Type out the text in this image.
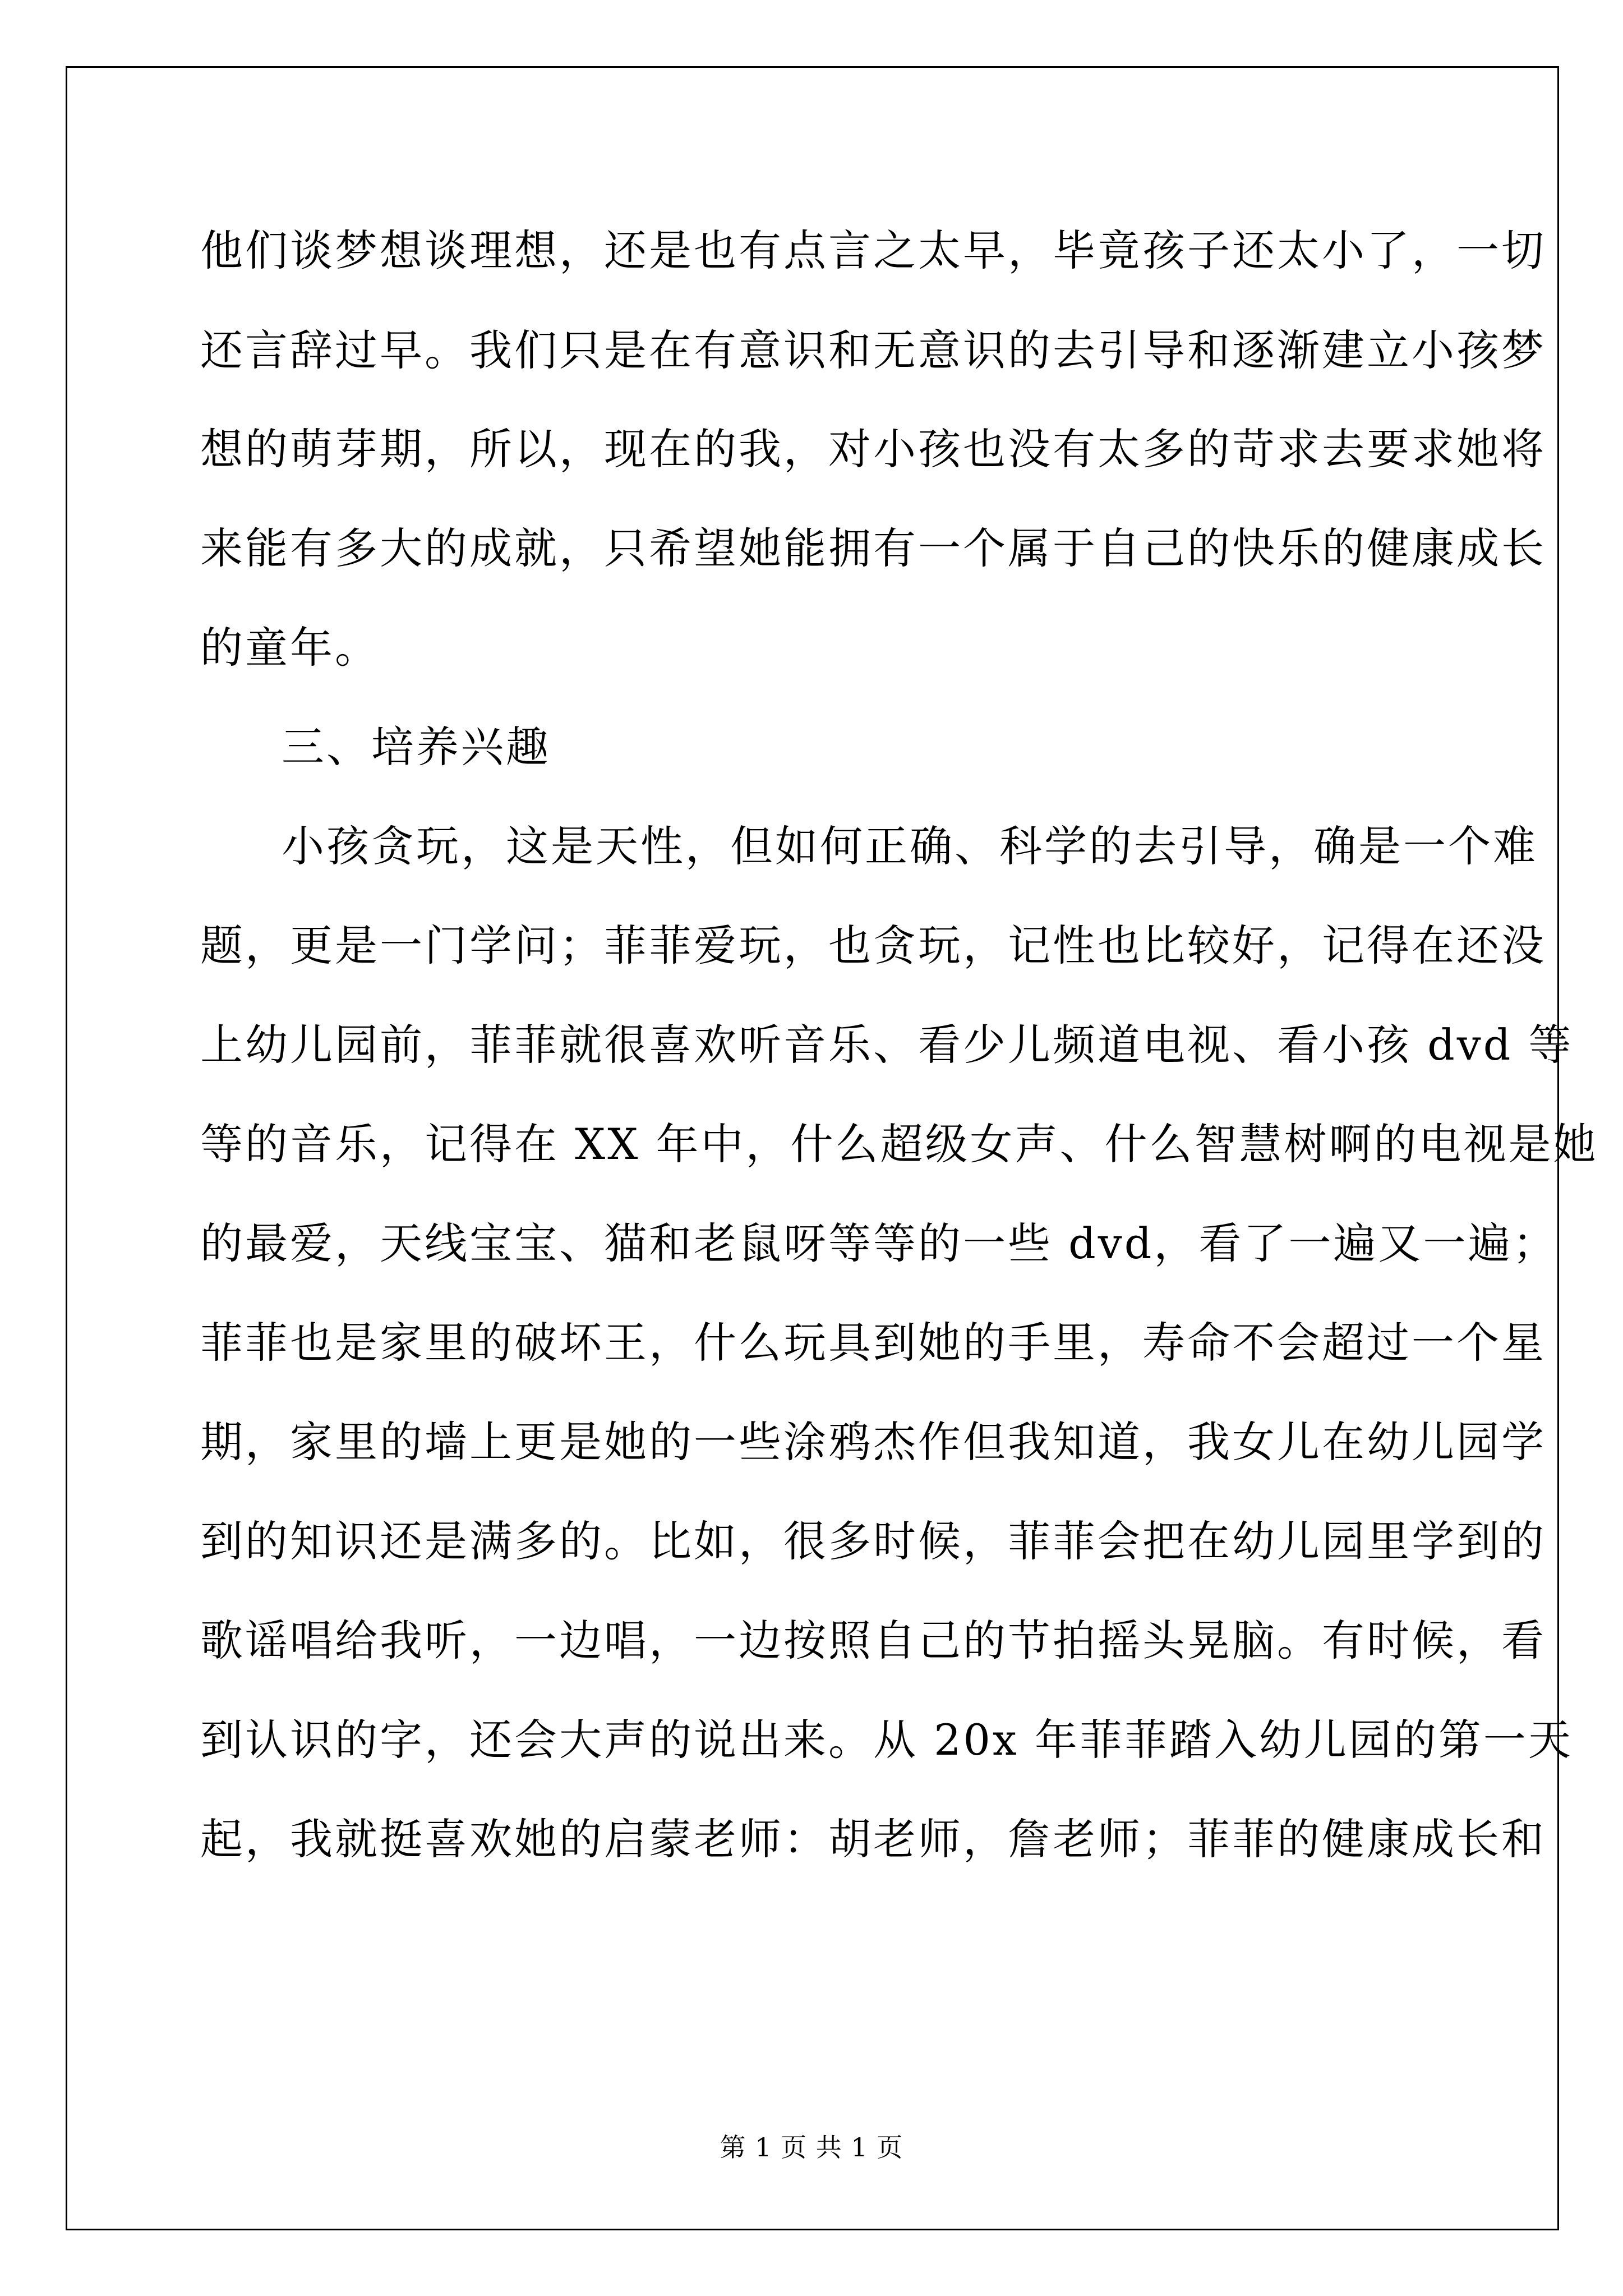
他们谈梦想谈理想，还是也有点言之太早，毕竟孩子还太小了，一切
还言辞过早。我们只是在有意识和无意识的去引导和逐渐建立小孩梦
想的萌芽期，所以，现在的我，对小孩也没有太多的苛求去要求她将
来能有多大的成就，只希望她能拥有一个属于自己的快乐的健康成长
的童年。
三、培养兴趣
小孩贪玩，这是天性，但如何正确、科学的去引导，确是一个难
题，更是一门学问；菲菲爱玩，也贪玩，记性也比较好，记得在还没
上幼儿园前，菲菲就很喜欢听音乐、看少儿频道电视、看小孩 dvd 等
等的音乐，记得在 XX 年中，什么超级女声、什么智慧树啊的电视是她
的最爱，天线宝宝、猫和老鼠呀等等的一些 dvd，看了一遍又一遍；
菲菲也是家里的破坏王，什么玩具到她的手里，寿命不会超过一个星
期，家里的墙上更是她的一些涂鸦杰作但我知道，我女儿在幼儿园学
到的知识还是满多的。比如，很多时候，菲菲会把在幼儿园里学到的
歌谣唱给我听，一边唱，一边按照自己的节拍摇头晃脑。有时候，看
到认识的字，还会大声的说出来。从 20x 年菲菲踏入幼儿园的第一天
起，我就挺喜欢她的启蒙老师：胡老师，詹老师；菲菲的健康成长和
第 1 页 共 1 页
